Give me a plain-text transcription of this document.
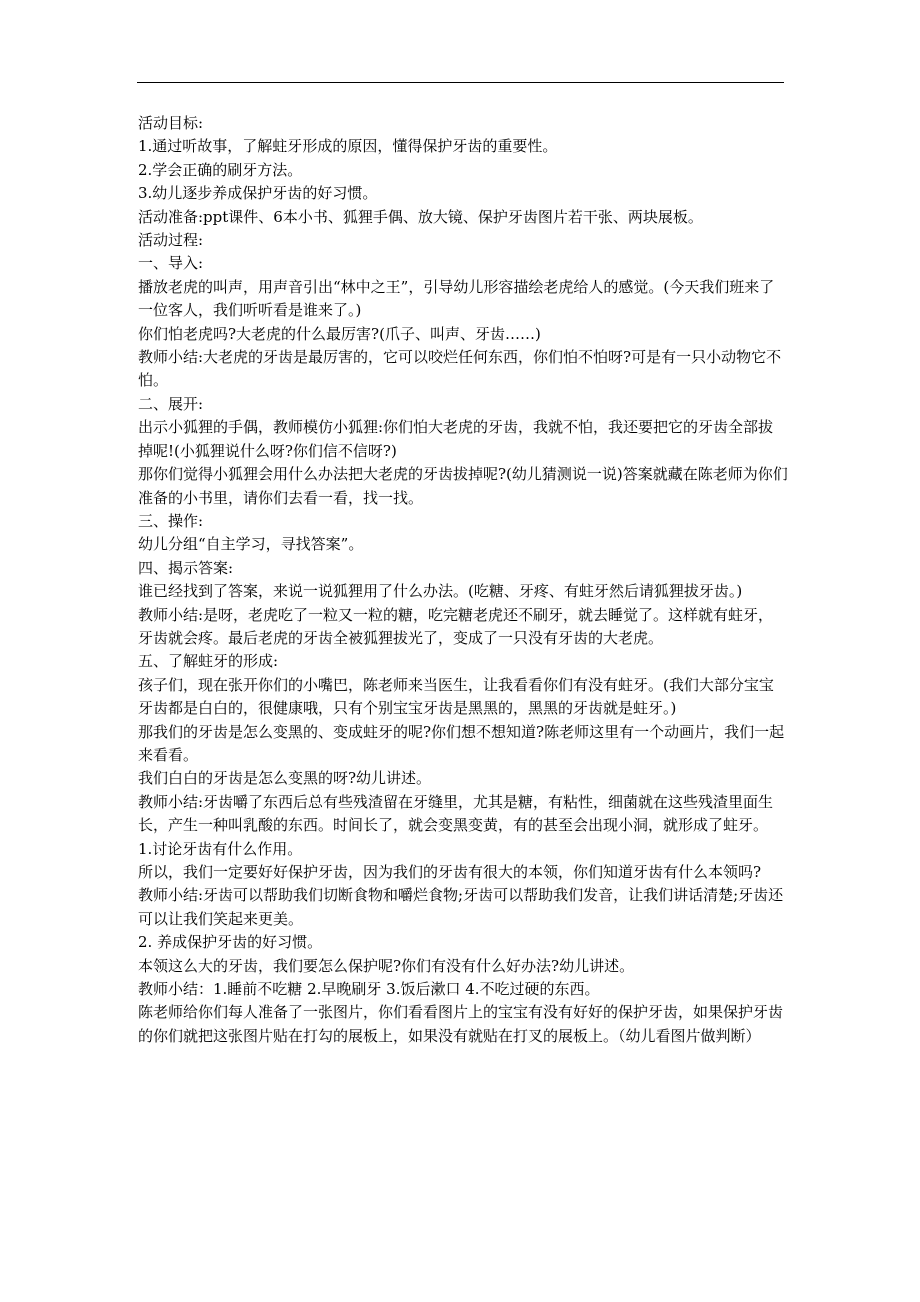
活动目标:

1.通过听故事，了解蛀牙形成的原因，懂得保护牙齿的重要性。

2.学会正确的刷牙方法。

3.幼儿逐步养成保护牙齿的好习惯。

活动准备:ppt课件、6本小书、狐狸手偶、放大镜、保护牙齿图片若干张、两块展板。

活动过程:

一、导入:

播放老虎的叫声，用声音引出“林中之王”，引导幼儿形容描绘老虎给人的感觉。(今天我们班来了一位客人，我们听听看是谁来了。)

你们怕老虎吗?大老虎的什么最厉害?(爪子、叫声、牙齿……)

教师小结:大老虎的牙齿是最厉害的，它可以咬烂任何东西，你们怕不怕呀?可是有一只小动物它不怕。

二、展开:

出示小狐狸的手偶，教师模仿小狐狸:你们怕大老虎的牙齿，我就不怕，我还要把它的牙齿全部拔掉呢!(小狐狸说什么呀?你们信不信呀?)

那你们觉得小狐狸会用什么办法把大老虎的牙齿拔掉呢?(幼儿猜测说一说)答案就藏在陈老师为你们准备的小书里，请你们去看一看，找一找。

三、操作:

幼儿分组“自主学习，寻找答案”。

四、揭示答案:

谁已经找到了答案，来说一说狐狸用了什么办法。(吃糖、牙疼、有蛀牙然后请狐狸拔牙齿。)

教师小结:是呀，老虎吃了一粒又一粒的糖，吃完糖老虎还不刷牙，就去睡觉了。这样就有蛀牙，牙齿就会疼。最后老虎的牙齿全被狐狸拔光了，变成了一只没有牙齿的大老虎。

五、了解蛀牙的形成:

孩子们，现在张开你们的小嘴巴，陈老师来当医生，让我看看你们有没有蛀牙。(我们大部分宝宝牙齿都是白白的，很健康哦，只有个别宝宝牙齿是黑黑的，黑黑的牙齿就是蛀牙。)

那我们的牙齿是怎么变黑的、变成蛀牙的呢?你们想不想知道?陈老师这里有一个动画片，我们一起来看看。

我们白白的牙齿是怎么变黑的呀?幼儿讲述。

教师小结:牙齿嚼了东西后总有些残渣留在牙缝里，尤其是糖，有粘性，细菌就在这些残渣里面生长，产生一种叫乳酸的东西。时间长了，就会变黑变黄，有的甚至会出现小洞，就形成了蛀牙。

1.讨论牙齿有什么作用。

所以，我们一定要好好保护牙齿，因为我们的牙齿有很大的本领，你们知道牙齿有什么本领吗?

教师小结:牙齿可以帮助我们切断食物和嚼烂食物;牙齿可以帮助我们发音，让我们讲话清楚;牙齿还可以让我们笑起来更美。

2. 养成保护牙齿的好习惯。

本领这么大的牙齿，我们要怎么保护呢?你们有没有什么好办法?幼儿讲述。

教师小结：1.睡前不吃糖 2.早晚刷牙 3.饭后漱口 4.不吃过硬的东西。

陈老师给你们每人准备了一张图片，你们看看图片上的宝宝有没有好好的保护牙齿，如果保护牙齿的你们就把这张图片贴在打勾的展板上，如果没有就贴在打叉的展板上。（幼儿看图片做判断）
